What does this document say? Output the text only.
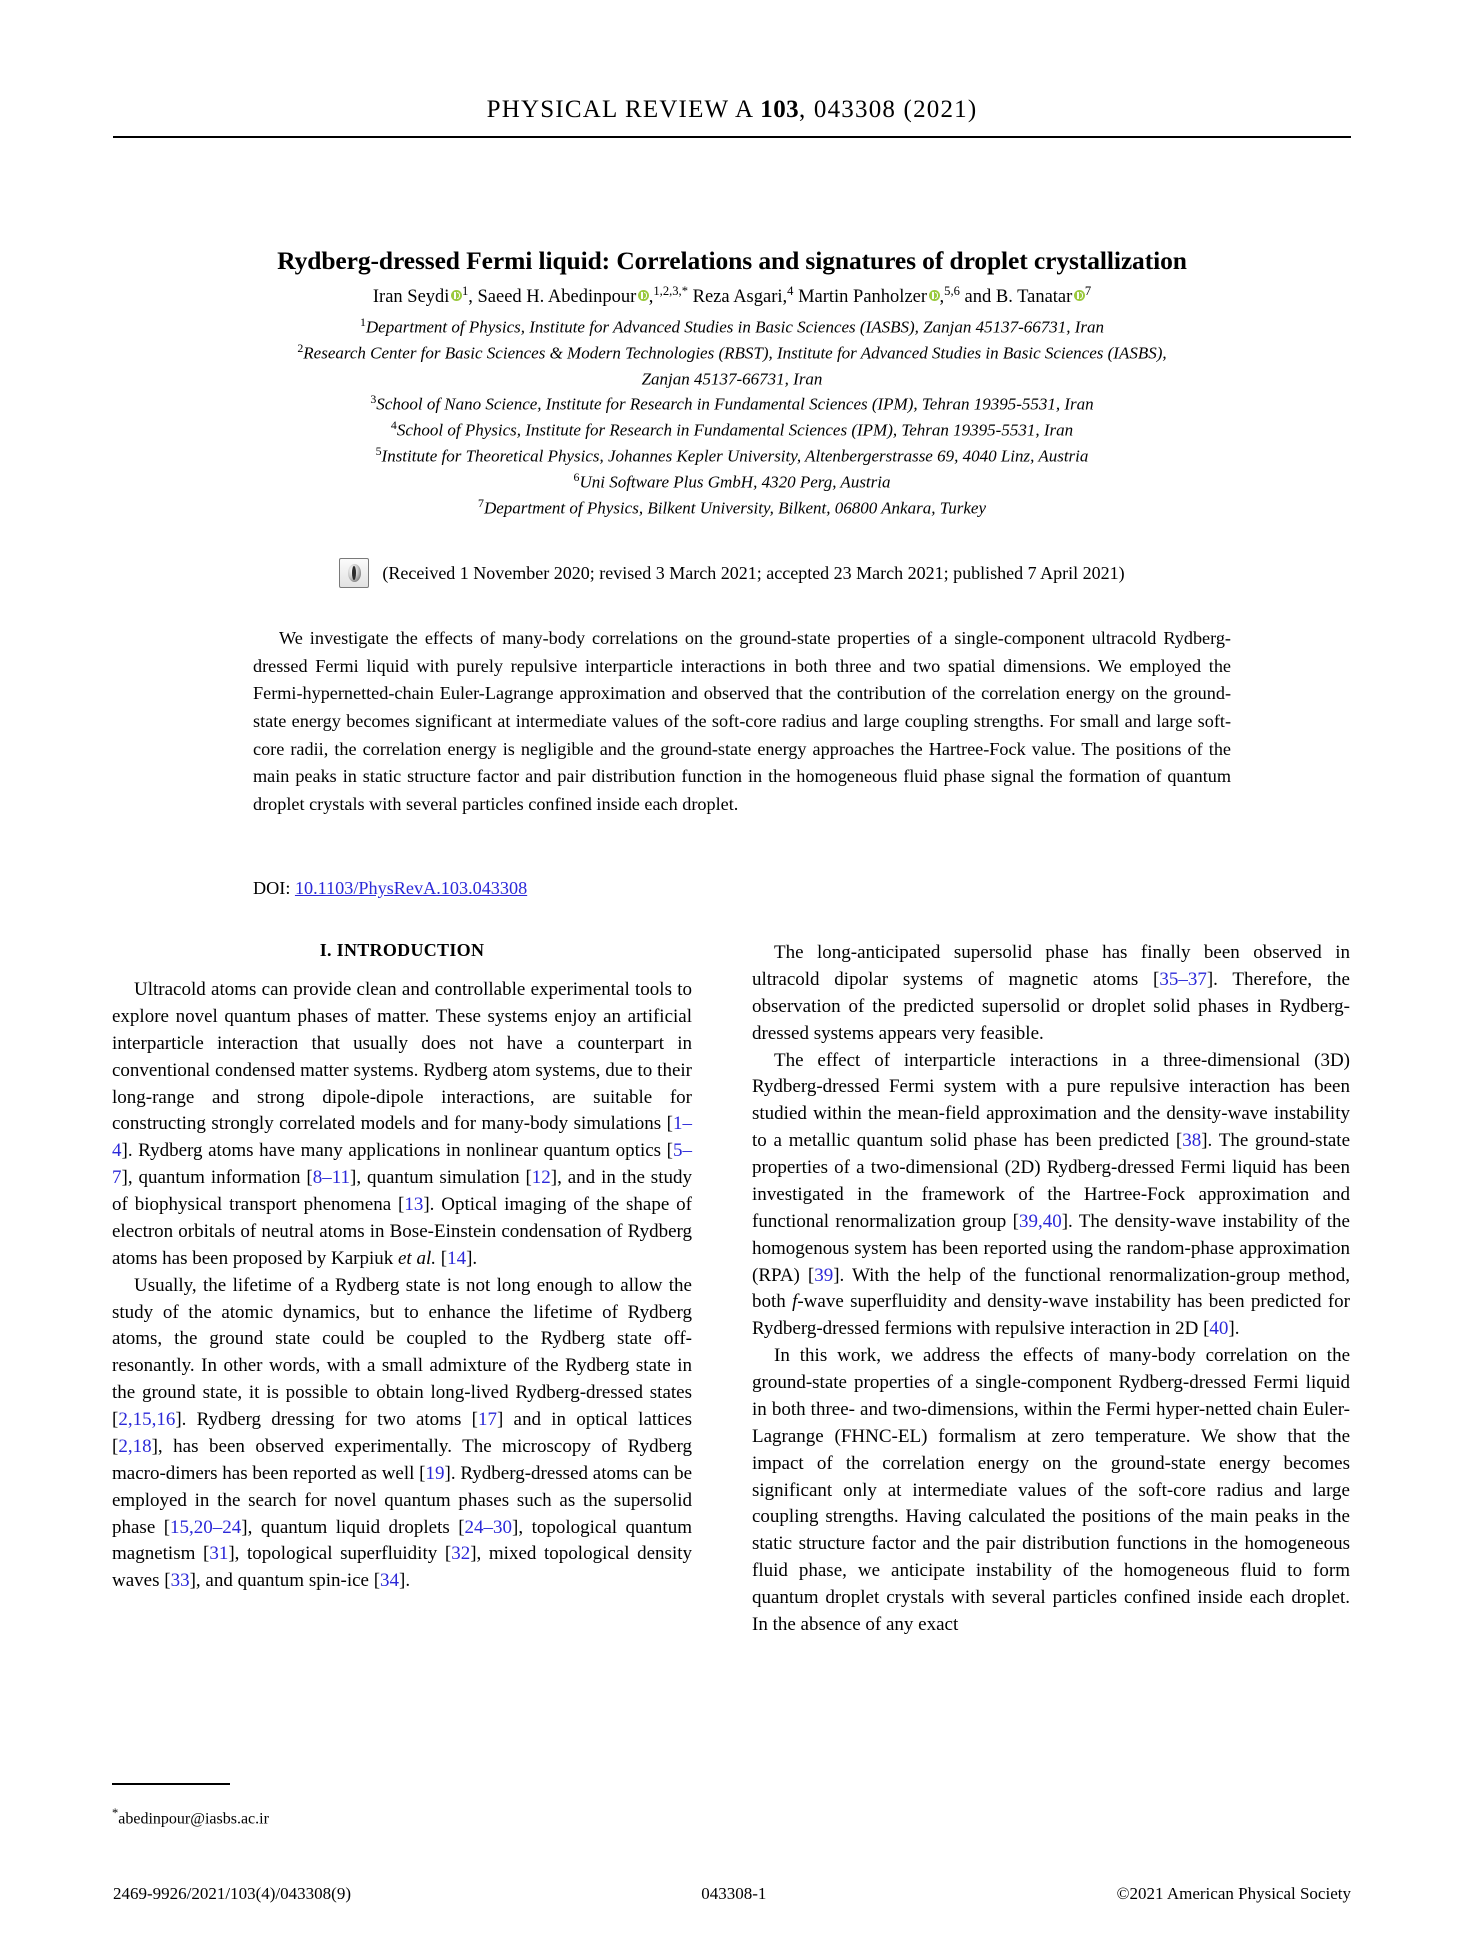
PHYSICAL REVIEW A 103, 043308 (2021)
Rydberg-dressed Fermi liquid: Correlations and signatures of droplet crystallization
Iran Seydi $^1$, Saeed H. Abedinpour ,$^{1,2,3,*}$ Reza Asgari,$^4$ Martin Panholzer ,$^{5,6}$ and B. Tanatar $^7$
$^1$Department of Physics, Institute for Advanced Studies in Basic Sciences (IASBS), Zanjan 45137-66731, Iran
$^2$Research Center for Basic Sciences & Modern Technologies (RBST), Institute for Advanced Studies in Basic Sciences (IASBS),
Zanjan 45137-66731, Iran
$^3$School of Nano Science, Institute for Research in Fundamental Sciences (IPM), Tehran 19395-5531, Iran
$^4$School of Physics, Institute for Research in Fundamental Sciences (IPM), Tehran 19395-5531, Iran
$^5$Institute for Theoretical Physics, Johannes Kepler University, Altenbergerstrasse 69, 4040 Linz, Austria
$^6$Uni Software Plus GmbH, 4320 Perg, Austria
$^7$Department of Physics, Bilkent University, Bilkent, 06800 Ankara, Turkey
(Received 1 November 2020; revised 3 March 2021; accepted 23 March 2021; published 7 April 2021)
We investigate the effects of many-body correlations on the ground-state properties of a single-component ultracold Rydberg-dressed Fermi liquid with purely repulsive interparticle interactions in both three and two spatial dimensions. We employed the Fermi-hypernetted-chain Euler-Lagrange approximation and observed that the contribution of the correlation energy on the ground-state energy becomes significant at intermediate values of the soft-core radius and large coupling strengths. For small and large soft-core radii, the correlation energy is negligible and the ground-state energy approaches the Hartree-Fock value. The positions of the main peaks in static structure factor and pair distribution function in the homogeneous fluid phase signal the formation of quantum droplet crystals with several particles confined inside each droplet.
DOI: 10.1103/PhysRevA.103.043308
I. INTRODUCTION

Ultracold atoms can provide clean and controllable experimental tools to explore novel quantum phases of matter. These systems enjoy an artificial interparticle interaction that usually does not have a counterpart in conventional condensed matter systems. Rydberg atom systems, due to their long-range and strong dipole-dipole interactions, are suitable for constructing strongly correlated models and for many-body simulations [1–4]. Rydberg atoms have many applications in nonlinear quantum optics [5–7], quantum information [8–11], quantum simulation [12], and in the study of biophysical transport phenomena [13]. Optical imaging of the shape of electron orbitals of neutral atoms in Bose-Einstein condensation of Rydberg atoms has been proposed by Karpiuk et al. [14].

Usually, the lifetime of a Rydberg state is not long enough to allow the study of the atomic dynamics, but to enhance the lifetime of Rydberg atoms, the ground state could be coupled to the Rydberg state off-resonantly. In other words, with a small admixture of the Rydberg state in the ground state, it is possible to obtain long-lived Rydberg-dressed states [2,15,16]. Rydberg dressing for two atoms [17] and in optical lattices [2,18], has been observed experimentally. The microscopy of Rydberg macro-dimers has been reported as well [19]. Rydberg-dressed atoms can be employed in the search for novel quantum phases such as the supersolid phase [15,20–24], quantum liquid droplets [24–30], topological quantum magnetism [31], topological superfluidity [32], mixed topological density waves [33], and quantum spin-ice [34].

The long-anticipated supersolid phase has finally been observed in ultracold dipolar systems of magnetic atoms [35–37]. Therefore, the observation of the predicted supersolid or droplet solid phases in Rydberg-dressed systems appears very feasible.

The effect of interparticle interactions in a three-dimensional (3D) Rydberg-dressed Fermi system with a pure repulsive interaction has been studied within the mean-field approximation and the density-wave instability to a metallic quantum solid phase has been predicted [38]. The ground-state properties of a two-dimensional (2D) Rydberg-dressed Fermi liquid has been investigated in the framework of the Hartree-Fock approximation and functional renormalization group [39,40]. The density-wave instability of the homogenous system has been reported using the random-phase approximation (RPA) [39]. With the help of the functional renormalization-group method, both f-wave superfluidity and density-wave instability has been predicted for Rydberg-dressed fermions with repulsive interaction in 2D [40].

In this work, we address the effects of many-body correlation on the ground-state properties of a single-component Rydberg-dressed Fermi liquid in both three- and two-dimensions, within the Fermi hyper-netted chain Euler-Lagrange (FHNC-EL) formalism at zero temperature. We show that the impact of the correlation energy on the ground-state energy becomes significant only at intermediate values of the soft-core radius and large coupling strengths. Having calculated the positions of the main peaks in the static structure factor and the pair distribution functions in the homogeneous fluid phase, we anticipate instability of the homogeneous fluid to form quantum droplet crystals with several particles confined inside each droplet. In the absence of any exact

*abedinpour@iasbs.ac.ir
2469-9926/2021/103(4)/043308(9)	043308-1	©2021 American Physical Society
